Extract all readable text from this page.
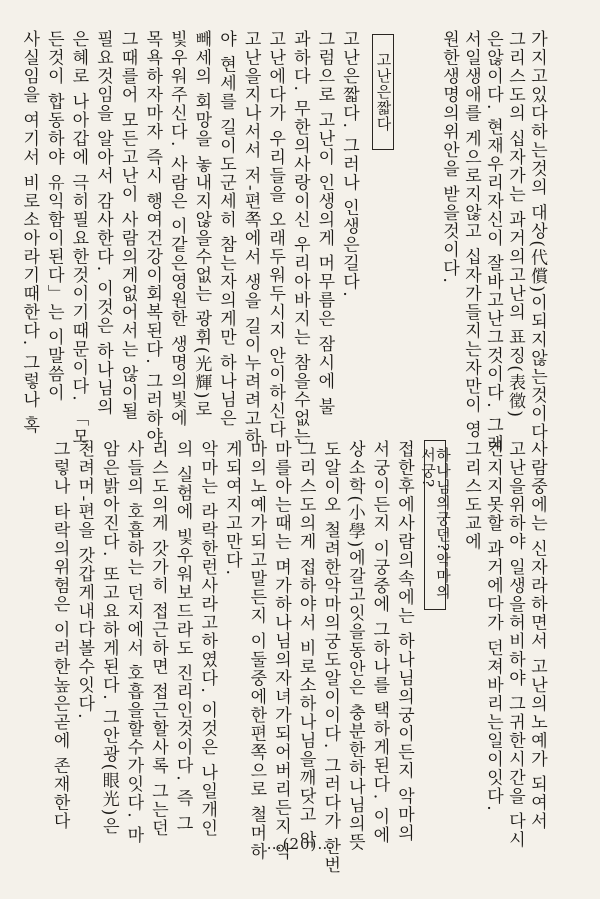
가지고있다하는것의 대상(代償)이되지않는것이다
그리스도의 십자가는 과거의고난의 표징(表徵)
은않이다. 현재우리자신이 잘바고난그것이다. 그래
서일생애를 게으로지않고 십자가들지는자만이 영
원한생명의위안을 받을것이다.
고난은짧다
고난은짧다. 그러나 인생은길다.
그럼으로 고난이 인생의게 머무름은 잠시에 불
과하다. 무한의사랑이신 우리아바지는 참을수없는
고난에다가 우리들을 오래두워두시지 안이하신다
고난을지나서서 저-편쪽에서 생을 길이누려려고하
야 현세를 길이도군세히 참는자의게만 하나님은
빼세의 회망을 놓내지않을수없는 광휘(光輝)로
빛우워주신다. 사람은 이같은영원한 생명의빛에
목욕하자마자 즉시 행여건강이회복된다. 그러하야
그때를어 모든고난이 사람의게없어서는 않이될
필요것임을 알아서 감사한다. 이것은 하나님의
은혜로 나아갑에 극히필요한것이기때문이다. 「모
든것이 합동하야 유익함이된다」는 이말씀이
사실임을 여기서 비로소아라기때한다. 그렇나 혹
사람중에는 신자라하면서 고난의노예가 되여서
고난을위하야 일생을허비하야 그귀한시간을 다시
건지지못할 과거에다가 던져바리는일이잇다.
그리스도교에
하나님의궁던?악마의서궁?
접한후에사람의속에는 하나님의궁이든지 악마의
서궁이든지 이궁중에 그하나를 택하게된다. 이에
상소학(小學)에갈고잇을동안은 충분한하나님의뜻
도알이오 철려한악마의궁도알이이다. 그러다가 한번
그리스도의게 접하야서 비로소하나님을깨닷고 악
마를아는때는 며가하나님의자녀가되어버리든지 악
마의노예가되고말든지 이둘중에한편쪽으로 철머하
게되여지고만다.
악마는 라락한런사라고하였다. 이것은 나일개인
의 실험에 빛우워보드라도 진리인것이다. 즉 그
리스도의게 갓가히 접근하면 접근할사록 그는던
사들의 호흡하는 던지에서 호흡을할수가잇다. 마
암은밝아진다. 또고요하게된다. 그안광(眼光)은
천려머-편을 갓갑게내다볼수잇다.
그렇나 타락의위험은 이러한높은곧에 존재한다
…(20)…
